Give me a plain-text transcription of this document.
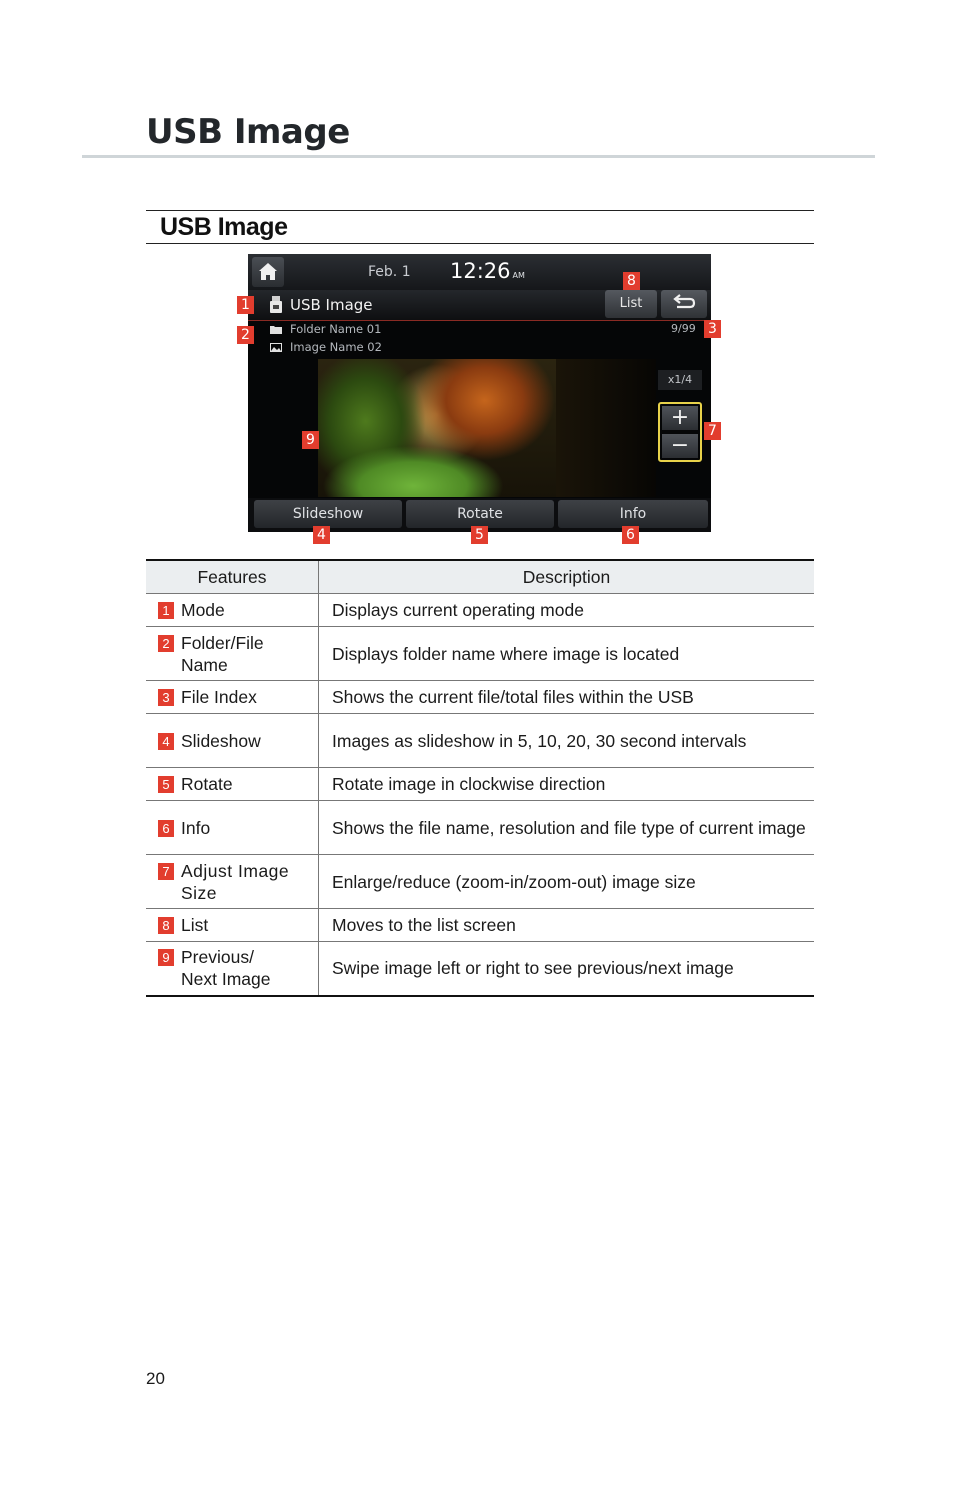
USB Image
USB Image
Feb. 1 12:26 AM
USB Image	List
Folder Name 01
Image Name 02
9/99
x1/4
+
−
Slideshow	Rotate	Info
1
2	3
4	5	6
7
8
9
Features	Description

1 Mode	Displays current operating mode

2 Folder/File Name	Displays folder name where image is located

3 File Index	Shows the current file/total files within the USB

4 Slideshow	Images as slideshow in 5, 10, 20, 30 second intervals

5 Rotate	Rotate image in clockwise direction

6 Info	Shows the file name, resolution and file type of current image

7 Adjust Image Size	Enlarge/reduce (zoom-in/zoom-out) image size

8 List	Moves to the list screen

9 Previous/ Next Image	Swipe image left or right to see previous/next image
20
